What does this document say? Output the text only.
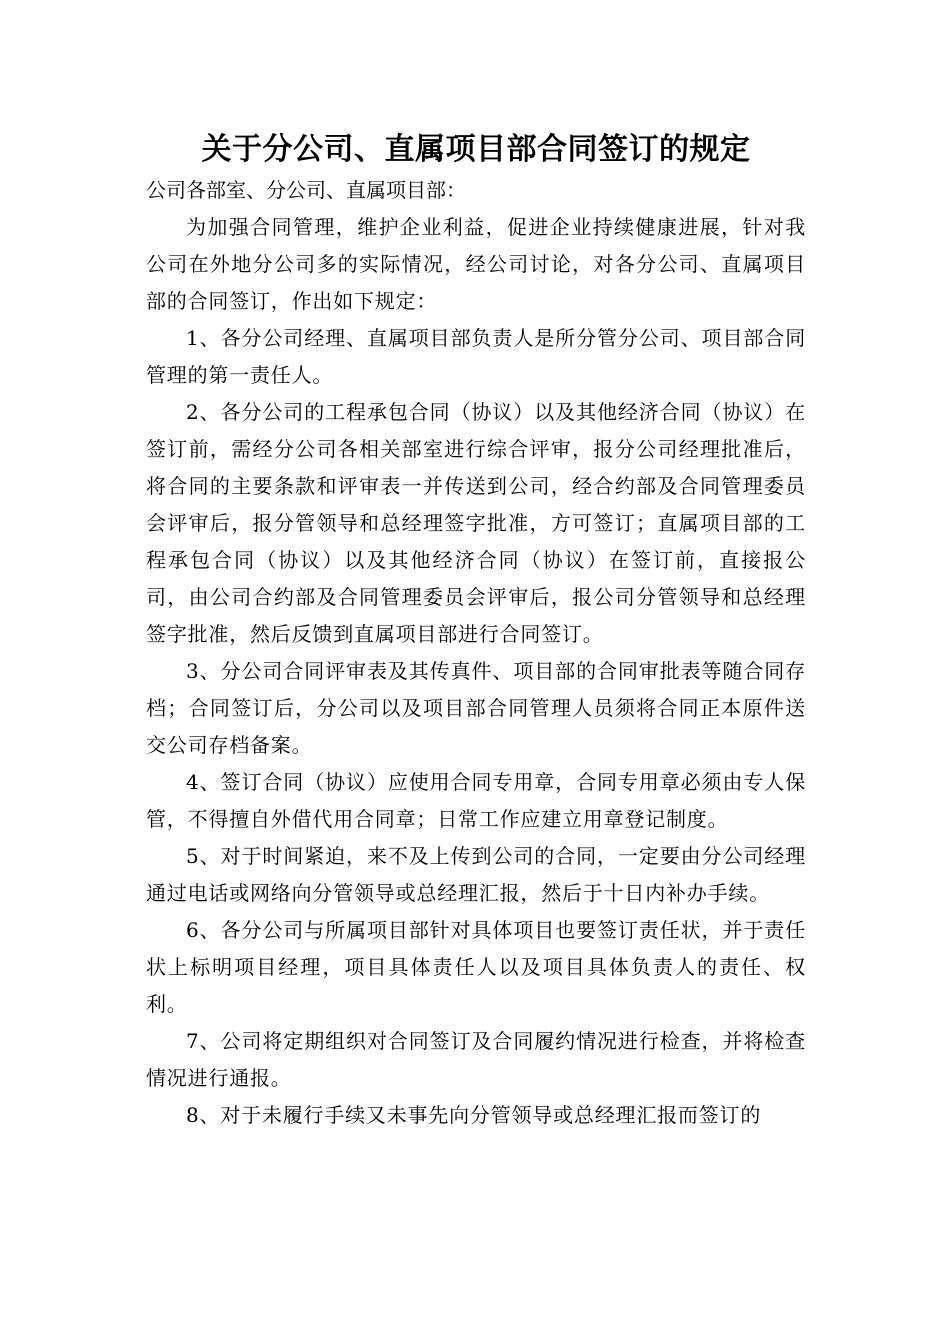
关于分公司、直属项目部合同签订的规定

公司各部室、分公司、直属项目部：

为加强合同管理，维护企业利益，促进企业持续健康进展，针对我公司在外地分公司多的实际情况，经公司讨论，对各分公司、直属项目部的合同签订，作出如下规定：

1、各分公司经理、直属项目部负责人是所分管分公司、项目部合同管理的第一责任人。

2、各分公司的工程承包合同（协议）以及其他经济合同（协议）在签订前，需经分公司各相关部室进行综合评审，报分公司经理批准后，将合同的主要条款和评审表一并传送到公司，经合约部及合同管理委员会评审后，报分管领导和总经理签字批准，方可签订；直属项目部的工程承包合同（协议）以及其他经济合同（协议）在签订前，直接报公司，由公司合约部及合同管理委员会评审后，报公司分管领导和总经理签字批准，然后反馈到直属项目部进行合同签订。

3、分公司合同评审表及其传真件、项目部的合同审批表等随合同存档；合同签订后，分公司以及项目部合同管理人员须将合同正本原件送交公司存档备案。

4、签订合同（协议）应使用合同专用章，合同专用章必须由专人保管，不得擅自外借代用合同章；日常工作应建立用章登记制度。

5、对于时间紧迫，来不及上传到公司的合同，一定要由分公司经理通过电话或网络向分管领导或总经理汇报，然后于十日内补办手续。

6、各分公司与所属项目部针对具体项目也要签订责任状，并于责任状上标明项目经理，项目具体责任人以及项目具体负责人的责任、权利。

7、公司将定期组织对合同签订及合同履约情况进行检查，并将检查情况进行通报。

8、对于未履行手续又未事先向分管领导或总经理汇报而签订的
